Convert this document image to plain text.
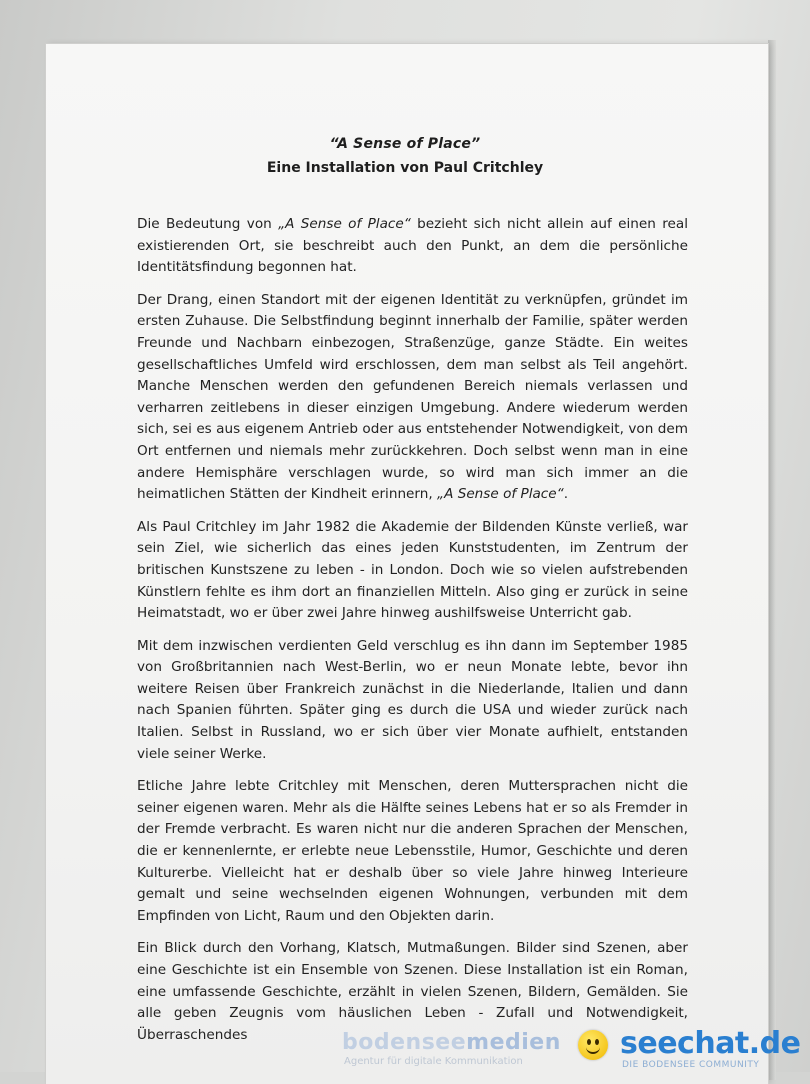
“A Sense of Place”
Eine Installation von Paul Critchley

Die Bedeutung von „A Sense of Place“ bezieht sich nicht allein auf einen real existierenden Ort, sie beschreibt auch den Punkt, an dem die persönliche Identitätsfindung begonnen hat.

Der Drang, einen Standort mit der eigenen Identität zu verknüpfen, gründet im ersten Zuhause. Die Selbstfindung beginnt innerhalb der Familie, später werden Freunde und Nachbarn einbezogen, Straßenzüge, ganze Städte. Ein weites gesellschaftliches Umfeld wird erschlossen, dem man selbst als Teil angehört. Manche Menschen werden den gefundenen Bereich niemals verlassen und verharren zeitlebens in dieser einzigen Umgebung. Andere wiederum werden sich, sei es aus eigenem Antrieb oder aus entstehender Notwendigkeit, von dem Ort entfernen und niemals mehr zurückkehren. Doch selbst wenn man in eine andere Hemisphäre verschlagen wurde, so wird man sich immer an die heimatlichen Stätten der Kindheit erinnern, „A Sense of Place“.

Als Paul Critchley im Jahr 1982 die Akademie der Bildenden Künste verließ, war sein Ziel, wie sicherlich das eines jeden Kunststudenten, im Zentrum der britischen Kunstszene zu leben - in London. Doch wie so vielen aufstrebenden Künstlern fehlte es ihm dort an finanziellen Mitteln. Also ging er zurück in seine Heimatstadt, wo er über zwei Jahre hinweg aushilfsweise Unterricht gab.

Mit dem inzwischen verdienten Geld verschlug es ihn dann im September 1985 von Großbritannien nach West-Berlin, wo er neun Monate lebte, bevor ihn weitere Reisen über Frankreich zunächst in die Niederlande, Italien und dann nach Spanien führten. Später ging es durch die USA und wieder zurück nach Italien. Selbst in Russland, wo er sich über vier Monate aufhielt, entstanden viele seiner Werke.

Etliche Jahre lebte Critchley mit Menschen, deren Muttersprachen nicht die seiner eigenen waren. Mehr als die Hälfte seines Lebens hat er so als Fremder in der Fremde verbracht. Es waren nicht nur die anderen Sprachen der Menschen, die er kennenlernte, er erlebte neue Lebensstile, Humor, Geschichte und deren Kulturerbe. Vielleicht hat er deshalb über so viele Jahre hinweg Interieure gemalt und seine wechselnden eigenen Wohnungen, verbunden mit dem Empfinden von Licht, Raum und den Objekten darin.

Ein Blick durch den Vorhang, Klatsch, Mutmaßungen. Bilder sind Szenen, aber eine Geschichte ist ein Ensemble von Szenen. Diese Installation ist ein Roman, eine umfassende Geschichte, erzählt in vielen Szenen, Bildern, Gemälden. Sie alle geben Zeugnis vom häuslichen Leben - Zufall und Notwendigkeit, Überraschendes	bodenseemedien
Agentur für digitale Kommunikation
seechat.de
DIE BODENSEE COMMUNITY
